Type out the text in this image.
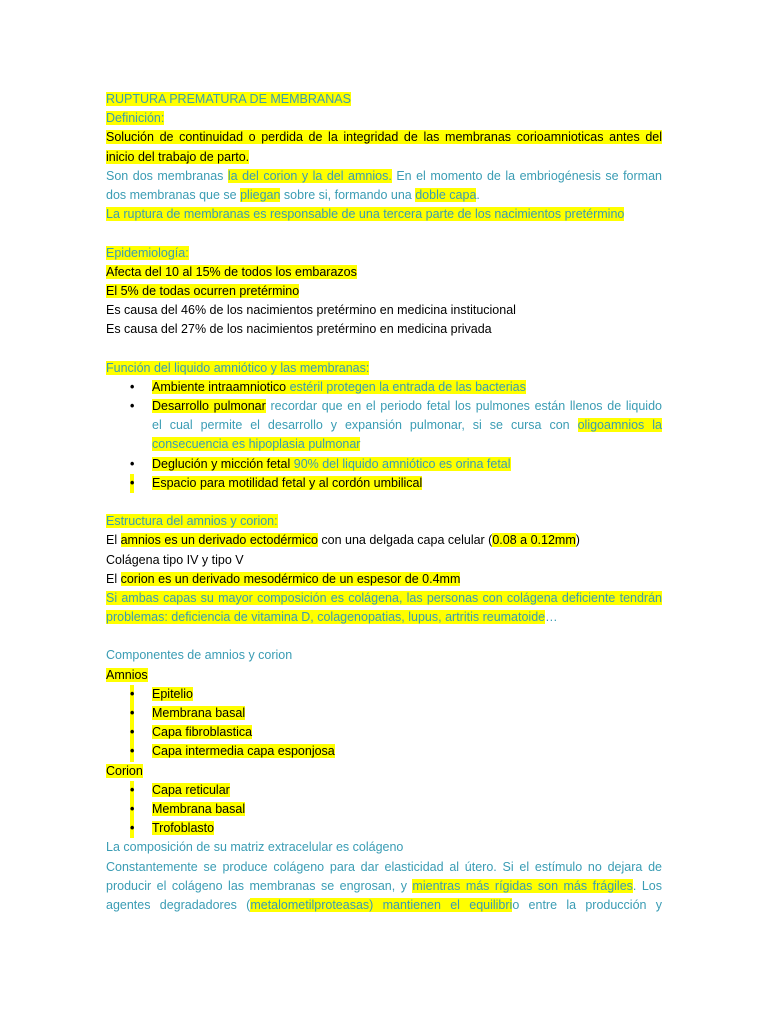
RUPTURA PREMATURA DE MEMBRANAS
Definición:
Solución de continuidad o perdida de la integridad de las membranas corioamnioticas antes del
inicio del trabajo de parto.
Son dos membranas la del corion y la del amnios. En el momento de la embriogénesis se forman
dos membranas que se pliegan sobre si, formando una doble capa.
La ruptura de membranas es responsable de una tercera parte de los nacimientos pretérmino
Epidemiología:
Afecta del 10 al 15% de todos los embarazos
El 5% de todas ocurren pretérmino
Es causa del 46% de los nacimientos pretérmino en medicina institucional
Es causa del 27% de los nacimientos pretérmino en medicina privada
Función del liquido amniótico y las membranas:
• Ambiente intraamniotico estéril protegen la entrada de las bacterias
• Desarrollo pulmonar recordar que en el periodo fetal los pulmones están llenos de liquido
el cual permite el desarrollo y expansión pulmonar, si se cursa con oligoamnios la
consecuencia es hipoplasia pulmonar
• Deglución y micción fetal 90% del liquido amniótico es orina fetal
• Espacio para motilidad fetal y al cordón umbilical
Estructura del amnios y corion:
El amnios es un derivado ectodérmico con una delgada capa celular (0.08 a 0.12mm)
Colágena tipo IV y tipo V
El corion es un derivado mesodérmico de un espesor de 0.4mm
Si ambas capas su mayor composición es colágena, las personas con colágena deficiente tendrán
problemas: deficiencia de vitamina D, colagenopatias, lupus, artritis reumatoide…
Componentes de amnios y corion
Amnios
• Epitelio
• Membrana basal
• Capa fibroblastica
• Capa intermedia capa esponjosa
Corion
• Capa reticular
• Membrana basal
• Trofoblasto
La composición de su matriz extracelular es colágeno
Constantemente se produce colágeno para dar elasticidad al útero. Si el estímulo no dejara de
producir el colágeno las membranas se engrosan, y mientras más rígidas son más frágiles. Los
agentes degradadores (metalometilproteasas) mantienen el equilibrio entre la producción y
